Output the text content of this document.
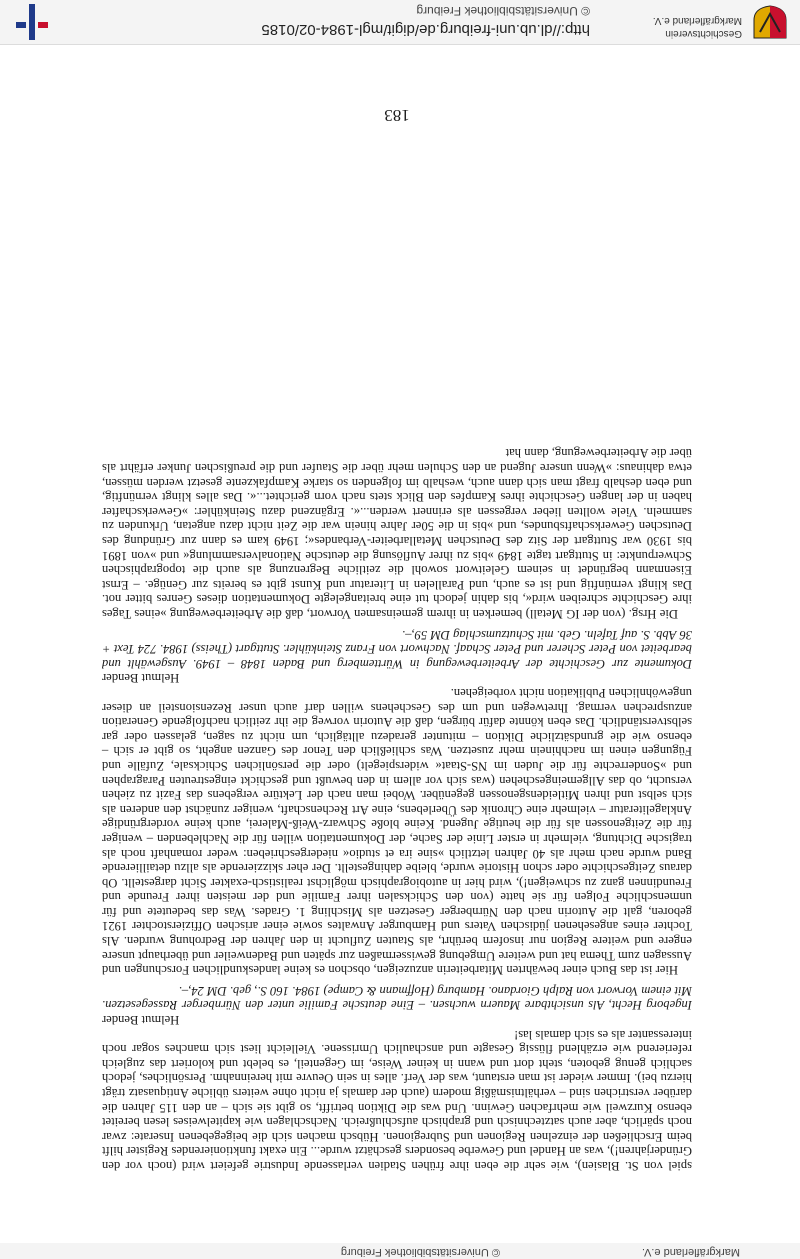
Geschichtsverein
Markgräflerland e.V.
http://dl.ub.uni-freiburg.de/digit/mgl-1984-02/0185
© Universitätsbibliothek Freiburg

spiel von St. Blasien), wie sehr die eben ihre frühen Stadien verlassende Industrie gefeiert wird (noch vor den Gründerjahren!), was an Handel und Gewerbe besonders geschätzt wurde... Ein exakt funktionierendes Register hilft beim Erschließen der einzelnen Regionen und Subregionen. Hübsch machen sich die beigegebenen Inserate: zwar noch spärlich, aber auch satztechnisch und graphisch aufschlußreich. Nachschlagen wie kapitelweises lesen bereitet ebenso Kurzweil wie mehrfachen Gewinn. Und was die Diktion betrifft, so gibt sie sich – an den 115 Jahren die darüber verstrichen sind – verhältnismäßig modern (auch der damals ja nicht ohne weiters übliche Antiquasatz trägt hierzu bei). Immer wieder ist man erstaunt, was der Verf. alles in sein Oeuvre mit hereinnahm. Persönliches, jedoch sachlich genug geboten, steht dort und wann in keiner Weise, im Gegenteil, es belebt und koloriert das zugleich referierend wie erzählend flüssig Gesagte und anschaulich Umrissene. Vielleicht liest sich manches sogar noch interessanter als es sich damals las!

Helmut Bender

Ingeborg Hecht, Als unsichtbare Mauern wuchsen. – Eine deutsche Familie unter den Nürnberger Rassegesetzen. Mit einem Vorwort von Ralph Giordano. Hamburg (Hoffmann & Campe) 1984. 160 S., geb. DM 24,–.

Hier ist das Buch einer bewährten Mitarbeiterin anzuzeigen, obschon es keine landeskundlichen Forschungen und Aussagen zum Thema hat und weitere Umgebung gewissermaßen zur späten und Badenweiler und überhaupt unsere engere und weitere Region nur insofern berührt, als Stauten Zuflucht in den Jahren der Bedrohung wurden. Als Tochter eines angesehenen jüdischen Vaters und Hamburger Anwaltes sowie einer arischen Offizierstochter 1921 geboren, galt die Autorin nach den Nürnberger Gesetzen als Mischling 1. Grades. Was das bedeutete und für unmenschliche Folgen für sie hatte (von den Schicksalen ihrer Familie und der meisten ihrer Freunde und Freundinnen ganz zu schweigen!), wird hier in autobiographisch möglichst realistisch-exakter Sicht dargestellt. Ob daraus Zeitgeschichte oder schon Historie wurde, bleibe dahingestellt. Der eher skizzierende als allzu detaillierende Band wurde nach mehr als 40 Jahren letztlich »sine ira et studio« niedergeschrieben: weder romanhaft noch als tragische Dichtung, vielmehr in erster Linie der Sache, der Dokumentation willen für die Nachlebenden – weniger für die Zeitgenossen als für die heutige Jugend. Keine bloße Schwarz-Weiß-Malerei, auch keine vordergründige Anklageliteratur – vielmehr eine Chronik des Überlebens, eine Art Rechenschaft, weniger zunächst den anderen als sich selbst und ihren Mitleidensgenossen gegenüber. Wobei man nach der Lektüre vergebens das Fazit zu ziehen versucht, ob das Allgemeingeschehen (was sich vor allem in den bewußt und geschickt eingestreuten Paragraphen und »Sonderrechte für die Juden im NS-Staat« widerspiegelt) oder die persönlichen Schicksale, Zufälle und Fügungen einen im nachhinein mehr zusetzen. Was schließlich den Tenor des Ganzen angeht, so gibt er sich – ebenso wie die grundsätzliche Diktion – mitunter geradezu alltäglich, um nicht zu sagen, gelassen oder gar selbstverständlich. Das eben könnte dafür bürgen, daß die Autorin vorweg die ihr zeitlich nachfolgende Generation anzusprechen vermag. Ihretwegen und um des Geschehens willen darf auch unser Rezensionsteil an dieser ungewöhnlichen Publikation nicht vorbeigehen.

Helmut Bender

Dokumente zur Geschichte der Arbeiterbewegung in Württemberg und Baden 1848 – 1949. Ausgewählt und bearbeitet von Peter Scherer und Peter Schaaf. Nachwort von Franz Steinkühler. Stuttgart (Theiss) 1984. 724 Text + 36 Abb. S. auf Tafeln. Geb. mit Schutzumschlag DM 59,–.

Die Hrsg. (von der IG Metall) bemerken in ihrem gemeinsamen Vorwort, daß die Arbeiterbewegung »eines Tages ihre Geschichte schreiben wird«, bis dahin jedoch tut eine breitangelegte Dokumentation dieses Genres bitter not. Das klingt vernünftig und ist es auch, und Parallelen in Literatur und Kunst gibt es bereits zur Genüge. – Ernst Eisenmann begründet in seinem Geleitwort sowohl die zeitliche Begrenzung als auch die topographischen Schwerpunkte: in Stuttgart tagte 1849 »bis zu ihrer Auflösung die deutsche Nationalversammlung« und »von 1891 bis 1930 war Stuttgart der Sitz des Deutschen Metallarbeiter-Verbandes«; 1949 kam es dann zur Gründung des Deutschen Gewerkschaftsbundes, und »bis in die 50er Jahre hinein war die Zeit nicht dazu angetan, Urkunden zu sammeln. Viele wollten lieber vergessen als erinnert werden...«. Ergänzend dazu Steinkühler: »Gewerkschafter haben in der langen Geschichte ihres Kampfes den Blick stets nach vorn gerichtet...«. Das alles klingt vernünftig, und eben deshalb fragt man sich dann auch, weshalb im folgenden so starke Kampfakzente gesetzt werden müssen, etwa dahinaus: »Wenn unsere Jugend an den Schulen mehr über die Staufer und die preußischen Junker erfährt als über die Arbeiterbewegung, dann hat

183
Markgräflerland e.V.
© Universitätsbibliothek Freiburg
